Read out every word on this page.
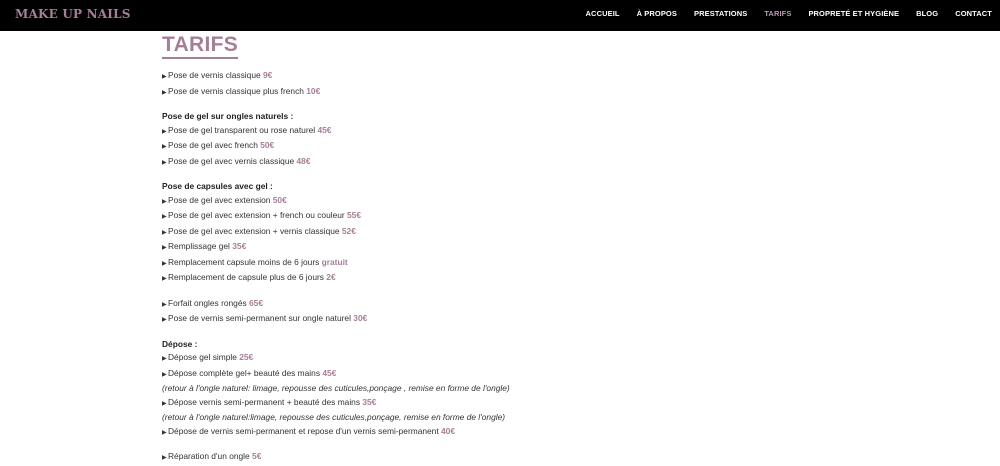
MAKE UP NAILS	ACCUEIL À PROPOS PRESTATIONS TARIFS PROPRETÉ ET HYGIÈNE BLOG CONTACT
TARIFS
▶Pose de vernis classique 9€
▶Pose de vernis classique plus french 10€
Pose de gel sur ongles naturels :
▶Pose de gel transparent ou rose naturel 45€
▶Pose de gel avec french 50€
▶Pose de gel avec vernis classique 48€
Pose de capsules avec gel :
▶Pose de gel avec extension 50€
▶Pose de gel avec extension + french ou couleur 55€
▶Pose de gel avec extension + vernis classique 52€
▶Remplissage gel 35€
▶Remplacement capsule moins de 6 jours gratuit
▶Remplacement de capsule plus de 6 jours 2€
▶Forfait ongles rongés 65€
▶Pose de vernis semi-permanent sur ongle naturel 30€
Dépose :
▶Dépose gel simple 25€
▶Dépose complète gel+ beauté des mains 45€
(retour à l'ongle naturel: limage, repousse des cuticules,ponçage , remise en forme de l'ongle)
▶Dépose vernis semi-permanent + beauté des mains 35€
(retour à l'ongle naturel:limage, repousse des cuticules,ponçage, remise en forme de l'ongle)
▶Dépose de vernis semi-permanent et repose d'un vernis semi-permanent 40€
▶Réparation d'un ongle 5€
